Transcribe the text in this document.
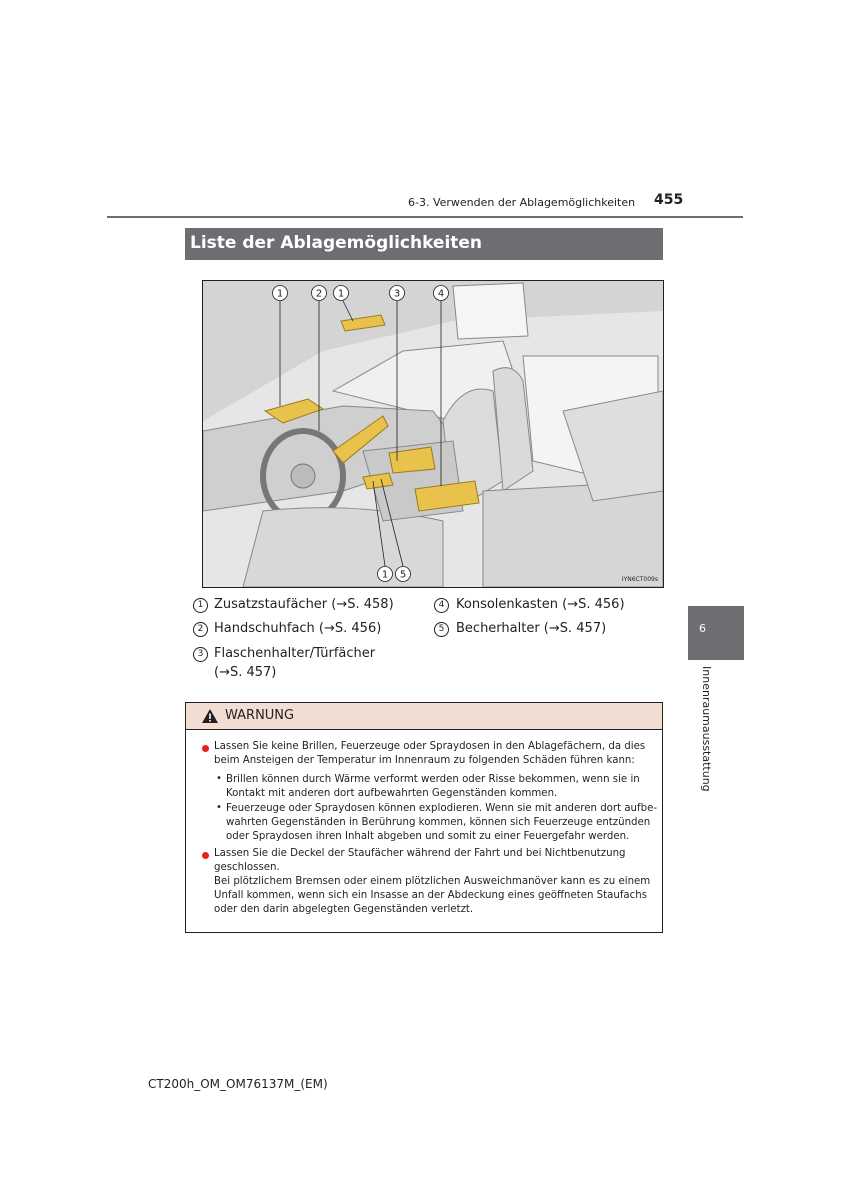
6-3. Verwenden der Ablagemöglichkeiten 455
Liste der Ablagemöglichkeiten
1	2 1	3	4
1 5	IYN6CT009s
1 Zusatzstaufächer (→S. 458)
2 Handschuhfach (→S. 456)
3 Flaschenhalter/Türfächer
(→S. 457)
4 Konsolenkasten (→S. 456)
5 Becherhalter (→S. 457)
WARNUNG
Lassen Sie keine Brillen, Feuerzeuge oder Spraydosen in den Ablagefächern, da dies
beim Ansteigen der Temperatur im Innenraum zu folgenden Schäden führen kann:
• Brillen können durch Wärme verformt werden oder Risse bekommen, wenn sie in
Kontakt mit anderen dort aufbewahrten Gegenständen kommen.
• Feuerzeuge oder Spraydosen können explodieren. Wenn sie mit anderen dort aufbe-
wahrten Gegenständen in Berührung kommen, können sich Feuerzeuge entzünden
oder Spraydosen ihren Inhalt abgeben und somit zu einer Feuergefahr werden.
Lassen Sie die Deckel der Staufächer während der Fahrt und bei Nichtbenutzung
geschlossen.
Bei plötzlichem Bremsen oder einem plötzlichen Ausweichmanöver kann es zu einem
Unfall kommen, wenn sich ein Insasse an der Abdeckung eines geöffneten Staufachs
oder den darin abgelegten Gegenständen verletzt.
6
Innenraumausstattung
CT200h_OM_OM76137M_(EM)
